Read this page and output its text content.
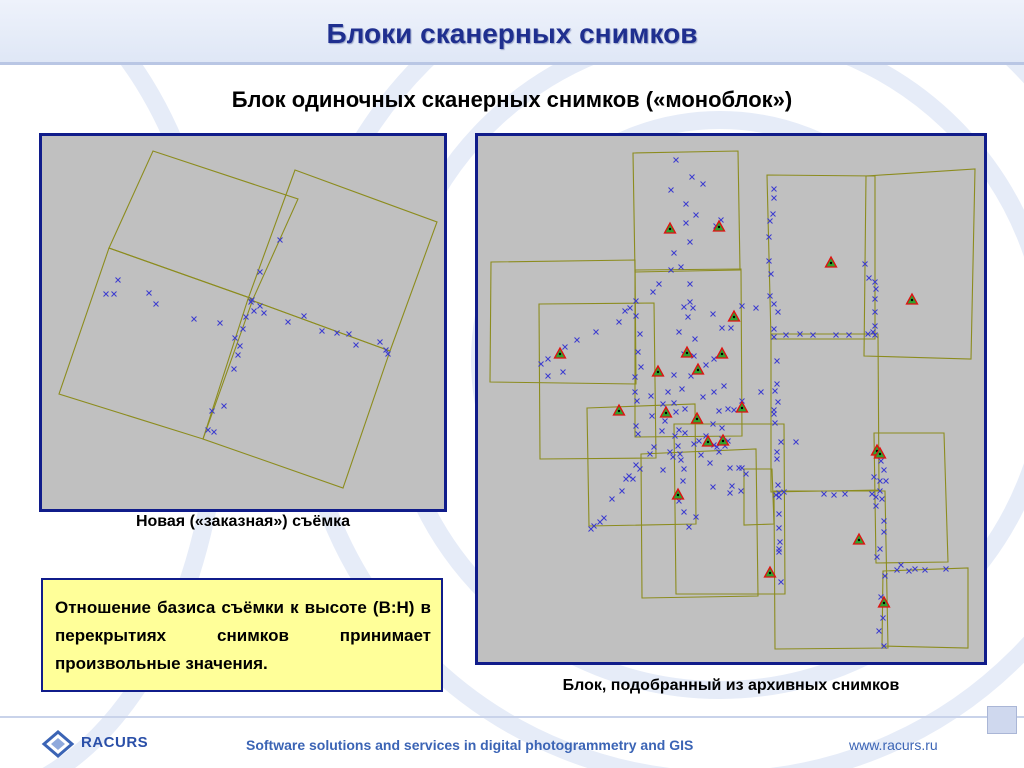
Блоки сканерных снимков
Блок одиночных сканерных снимков («моноблок»)
Новая («заказная») съёмка
Блок, подобранный из архивных снимков
Отношение базиса съёмки к высоте (B:H) в перекрытиях снимков принимает произвольные значения.
RACURS	Software solutions and services in digital photogrammetry and GIS	www.racurs.ru
